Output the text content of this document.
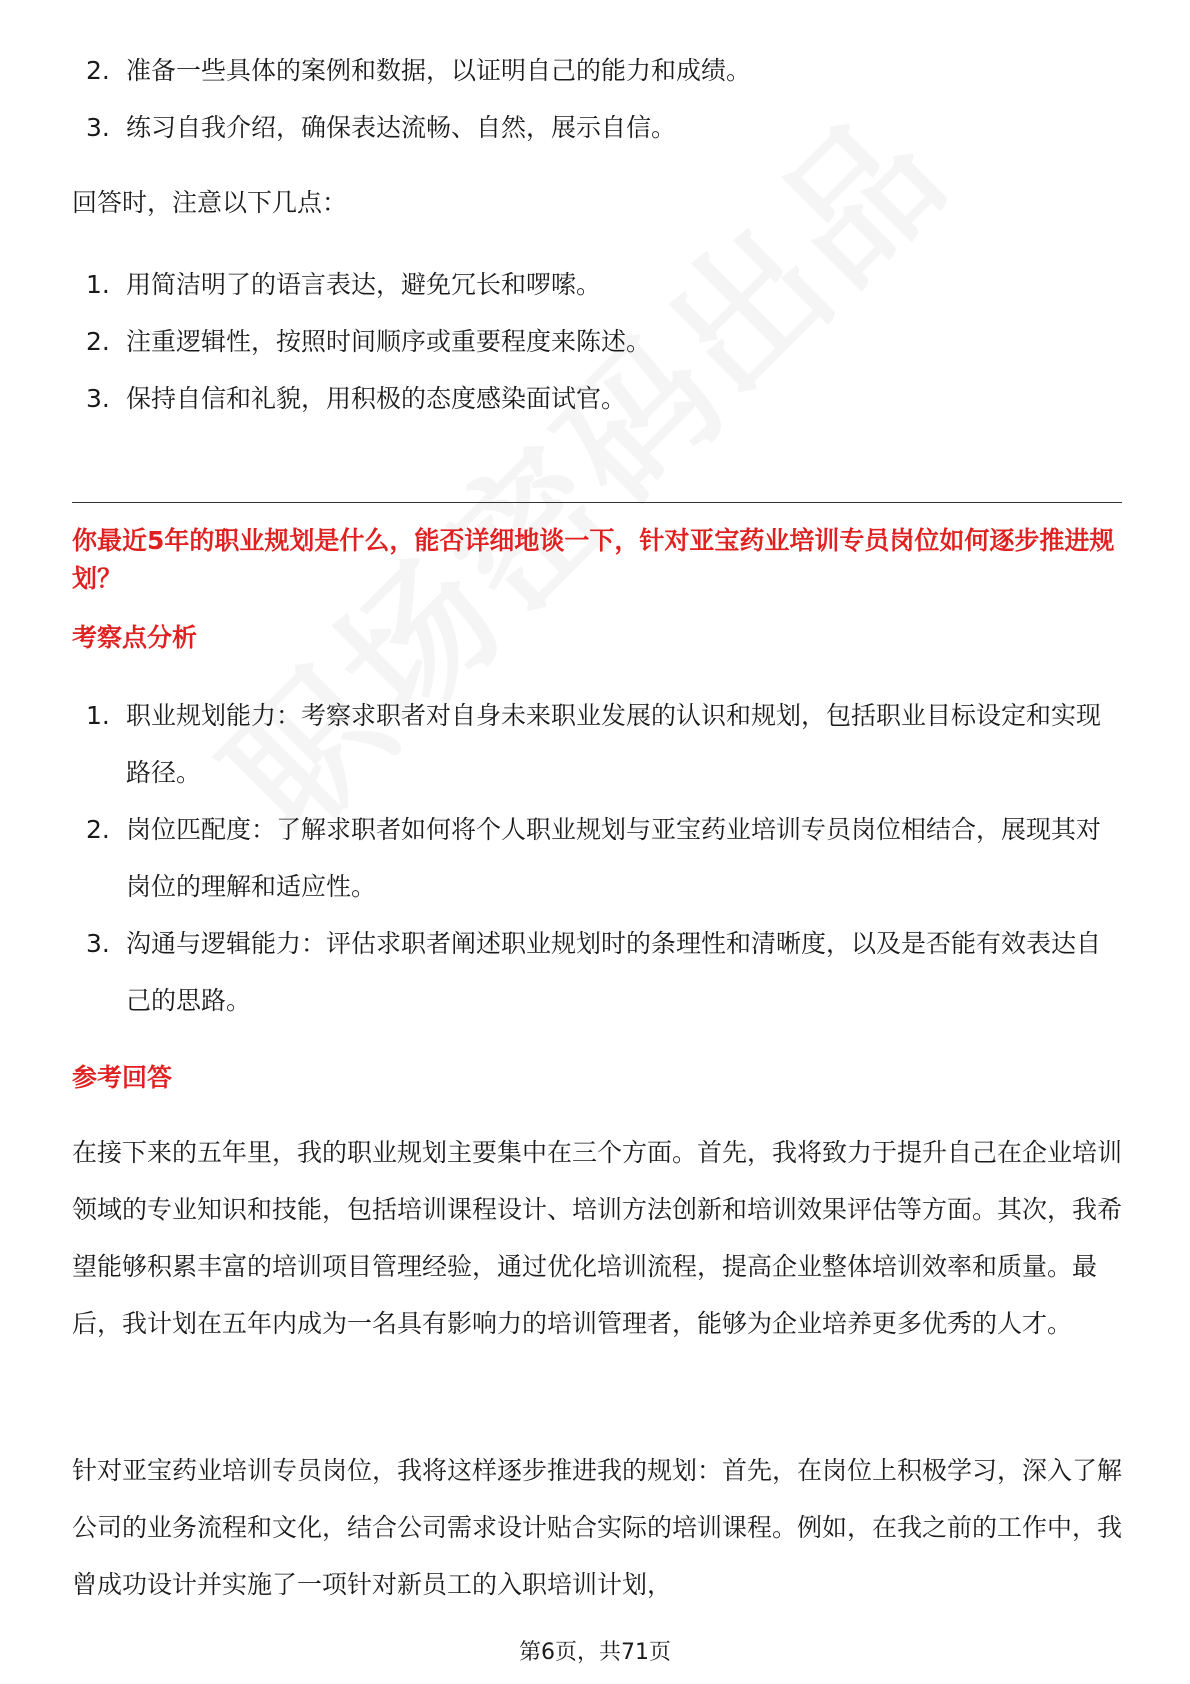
2. 准备一些具体的案例和数据，以证明自己的能力和成绩。
3. 练习自我介绍，确保表达流畅、自然，展示自信。

回答时，注意以下几点：

1. 用简洁明了的语言表达，避免冗长和啰嗦。
2. 注重逻辑性，按照时间顺序或重要程度来陈述。
3. 保持自信和礼貌，用积极的态度感染面试官。

你最近5年的职业规划是什么，能否详细地谈一下，针对亚宝药业培训专员岗位如何逐步推进规划？

考察点分析

1. 职业规划能力：考察求职者对自身未来职业发展的认识和规划，包括职业目标设定和实现路径。
2. 岗位匹配度：了解求职者如何将个人职业规划与亚宝药业培训专员岗位相结合，展现其对岗位的理解和适应性。
3. 沟通与逻辑能力：评估求职者阐述职业规划时的条理性和清晰度，以及是否能有效表达自己的思路。

参考回答

在接下来的五年里，我的职业规划主要集中在三个方面。首先，我将致力于提升自己在企业培训领域的专业知识和技能，包括培训课程设计、培训方法创新和培训效果评估等方面。其次，我希望能够积累丰富的培训项目管理经验，通过优化培训流程，提高企业整体培训效率和质量。最后，我计划在五年内成为一名具有影响力的培训管理者，能够为企业培养更多优秀的人才。

针对亚宝药业培训专员岗位，我将这样逐步推进我的规划：首先，在岗位上积极学习，深入了解公司的业务流程和文化，结合公司需求设计贴合实际的培训课程。例如，在我之前的工作中，我曾成功设计并实施了一项针对新员工的入职培训计划，

第6页，共71页
